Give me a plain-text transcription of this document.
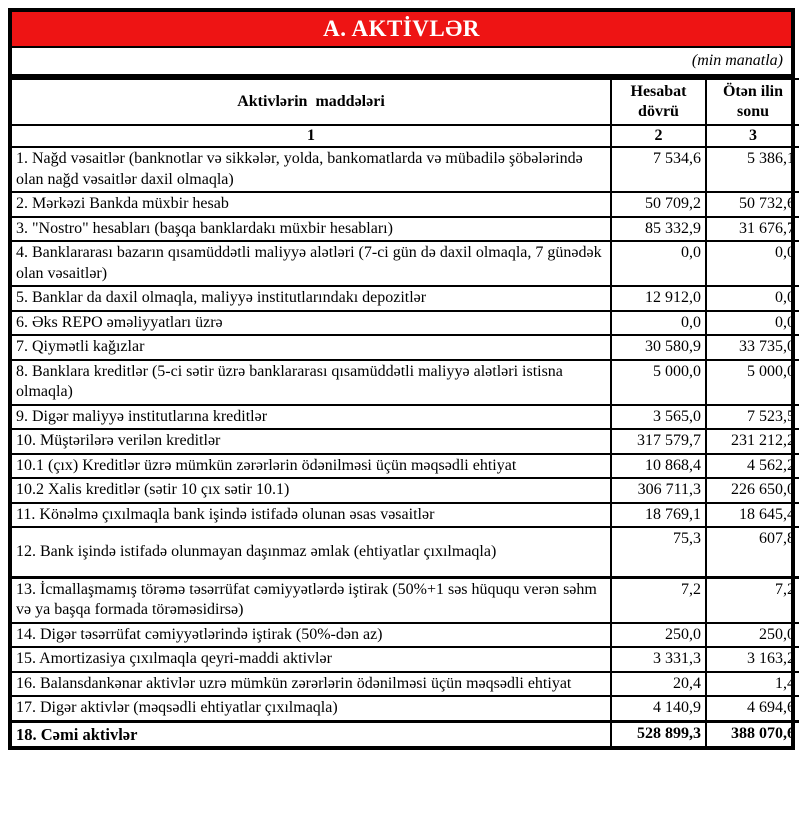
A. AKTİVLƏR
(min manatla)
Aktivlərin  maddələri	Hesabat dövrü	Ötən ilin sonu
1	2	3
1. Nağd vəsaitlər (banknotlar və sikkələr, yolda, bankomatlarda və mübadilə şöbələrində olan nağd vəsaitlər daxil olmaqla)	7 534,6	5 386,1
2. Mərkəzi Bankda müxbir hesab	50 709,2	50 732,6
3. "Nostro" hesabları (başqa banklardakı müxbir hesabları)	85 332,9	31 676,7
4. Banklararası bazarın qısamüddətli maliyyə alətləri (7-ci gün də daxil olmaqla, 7 günədək olan vəsaitlər)	0,0	0,0
5. Banklar da daxil olmaqla, maliyyə institutlarındakı depozitlər	12 912,0	0,0
6. Əks REPO əməliyyatları üzrə	0,0	0,0
7. Qiymətli kağızlar	30 580,9	33 735,0
8. Banklara kreditlər (5-ci sətir üzrə banklararası qısamüddətli maliyyə alətləri istisna olmaqla)	5 000,0	5 000,0
9. Digər maliyyə institutlarına kreditlər	3 565,0	7 523,5
10. Müştərilərə verilən kreditlər	317 579,7	231 212,2
10.1 (çıx) Kreditlər üzrə mümkün zərərlərin ödənilməsi üçün məqsədli ehtiyat	10 868,4	4 562,2
10.2 Xalis kreditlər (sətir 10 çıx sətir 10.1)	306 711,3	226 650,0
11. Könəlmə çıxılmaqla bank işində istifadə olunan əsas vəsaitlər	18 769,1	18 645,4
12. Bank işində istifadə olunmayan daşınmaz əmlak (ehtiyatlar çıxılmaqla)	75,3	607,8
13. İcmallaşmamış törəmə təsərrüfat cəmiyyətlərdə iştirak (50%+1 səs hüququ verən səhm və ya başqa formada törəməsidirsə)	7,2	7,2
14. Digər təsərrüfat cəmiyyətlərində iştirak (50%-dən az)	250,0	250,0
15. Amortizasiya çıxılmaqla qeyri-maddi aktivlər	3 331,3	3 163,2
16. Balansdankənar aktivlər uzrə mümkün zərərlərin ödənilməsi üçün məqsədli ehtiyat	20,4	1,4
17. Digər aktivlər (məqsədli ehtiyatlar çıxılmaqla)	4 140,9	4 694,6
18. Cəmi aktivlər	528 899,3	388 070,6
